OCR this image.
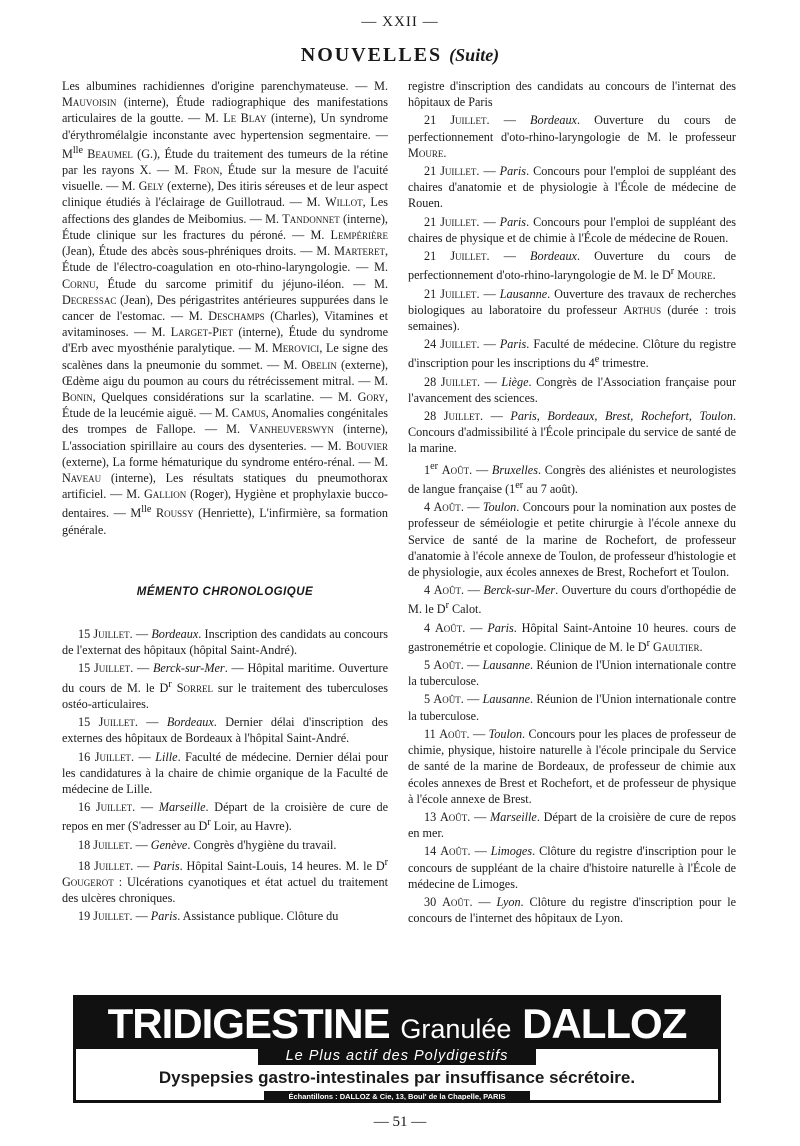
— XXII —
NOUVELLES (Suite)

Les albumines rachidiennes d'origine parenchymateuse. — M. Mauvoisin (interne), Étude radiographique des manifestations articulaires de la goutte. — M. Le Blay (interne), Un syndrome d'érythromélalgie inconstante avec hypertension segmentaire. — $M^{lle}$ Beaumel (G.), Étude du traitement des tumeurs de la rétine par les rayons X. — M. Fron, Étude sur la mesure de l'acuité visuelle. — M. Gely (externe), Des itiris séreuses et de leur aspect clinique étudiés à l'éclairage de Guillotraud. — M. Willot, Les affections des glandes de Meibomius. — M. Tandonnet (interne), Étude clinique sur les fractures du péroné. — M. Lempérière (Jean), Étude des abcès sous-phréniques droits. — M. Marteret, Étude de l'électro-coagulation en oto-rhino-laryngologie. — M. Cornu, Étude du sarcome primitif du jéjuno-iléon. — M. Decressac (Jean), Des périgastrites antérieures suppurées dans le cancer de l'estomac. — M. Deschamps (Charles), Vitamines et avitaminoses. — M. Larget-Piet (interne), Étude du syndrome d'Erb avec myosthénie paralytique. — M. Merovici, Le signe des scalènes dans la pneumonie du sommet. — M. Obelin (externe), Œdème aigu du poumon au cours du rétrécissement mitral. — M. Bonin, Quelques considérations sur la scarlatine. — M. Gory, Étude de la leucémie aiguë. — M. Camus, Anomalies congénitales des trompes de Fallope. — M. Vanheuverswyn (interne), L'association spirillaire au cours des dysenteries. — M. Bouvier (externe), La forme hématurique du syndrome entéro-rénal. — M. Naveau (interne), Les résultats statiques du pneumothorax artificiel. — M. Gallion (Roger), Hygiène et prophylaxie bucco-dentaires. — $M^{lle}$ Roussy (Henriette), L'infirmière, sa formation générale.

MÉMENTO CHRONOLOGIQUE

15 Juillet. — Bordeaux. Inscription des candidats au concours de l'externat des hôpitaux (hôpital Saint-André).

15 Juillet. — Berck-sur-Mer. — Hôpital maritime. Ouverture du cours de M. le $D^r$ Sorrel sur le traitement des tuberculoses ostéo-articulaires.

15 Juillet. — Bordeaux. Dernier délai d'inscription des externes des hôpitaux de Bordeaux à l'hôpital Saint-André.

16 Juillet. — Lille. Faculté de médecine. Dernier délai pour les candidatures à la chaire de chimie organique de la Faculté de médecine de Lille.

16 Juillet. — Marseille. Départ de la croisière de cure de repos en mer (S'adresser au $D^r$ Loir, au Havre).

18 Juillet. — Genève. Congrès d'hygiène du travail.

18 Juillet. — Paris. Hôpital Saint-Louis, 14 heures. M. le $D^r$ Gougerot : Ulcérations cyanotiques et état actuel du traitement des ulcères chroniques.

19 Juillet. — Paris. Assistance publique. Clôture du

registre d'inscription des candidats au concours de l'internat des hôpitaux de Paris

21 Juillet. — Bordeaux. Ouverture du cours de perfectionnement d'oto-rhino-laryngologie de M. le professeur Moure.

21 Juillet. — Paris. Concours pour l'emploi de suppléant des chaires d'anatomie et de physiologie à l'École de médecine de Rouen.

21 Juillet. — Paris. Concours pour l'emploi de suppléant des chaires de physique et de chimie à l'École de médecine de Rouen.

21 Juillet. — Bordeaux. Ouverture du cours de perfectionnement d'oto-rhino-laryngologie de M. le $D^r$ Moure.

21 Juillet. — Lausanne. Ouverture des travaux de recherches biologiques au laboratoire du professeur Arthus (durée : trois semaines).

24 Juillet. — Paris. Faculté de médecine. Clôture du registre d'inscription pour les inscriptions du 4e trimestre.

28 Juillet. — Liège. Congrès de l'Association française pour l'avancement des sciences.

28 Juillet. — Paris, Bordeaux, Brest, Rochefort, Toulon. Concours d'admissibilité à l'École principale du service de santé de la marine.

1er Août. — Bruxelles. Congrès des aliénistes et neurologistes de langue française (1er au 7 août).

4 Août. — Toulon. Concours pour la nomination aux postes de professeur de séméiologie et petite chirurgie à l'école annexe du Service de santé de la marine de Rochefort, de professeur d'anatomie à l'école annexe de Toulon, de professeur d'histologie et de physiologie, aux écoles annexes de Brest, Rochefort et Toulon.

4 Août. — Berck-sur-Mer. Ouverture du cours d'orthopédie de M. le $D^r$ Calot.

4 Août. — Paris. Hôpital Saint-Antoine 10 heures. cours de gastronemétrie et copologie. Clinique de M. le $D^r$ Gaultier.

5 Août. — Lausanne. Réunion de l'Union internationale contre la tuberculose.

5 Août. — Lausanne. Réunion de l'Union internationale contre la tuberculose.

11 Août. — Toulon. Concours pour les places de professeur de chimie, physique, histoire naturelle à l'école principale du Service de santé de la marine de Bordeaux, de professeur de chimie aux écoles annexes de Brest et Rochefort, et de professeur de physique à l'école annexe de Brest.

13 Août. — Marseille. Départ de la croisière de cure de repos en mer.

14 Août. — Limoges. Clôture du registre d'inscription pour le concours de suppléant de la chaire d'histoire naturelle à l'École de médecine de Limoges.

30 Août. — Lyon. Clôture du registre d'inscription pour le concours de l'internet des hôpitaux de Lyon.

TRIDIGESTINE Granulée DALLOZ
Le Plus actif des Polydigestifs
Dyspepsies gastro-intestinales par insuffisance sécrétoire.
Échantillons : DALLOZ & Cie, 13, Boul' de la Chapelle, PARIS
— 51 —
